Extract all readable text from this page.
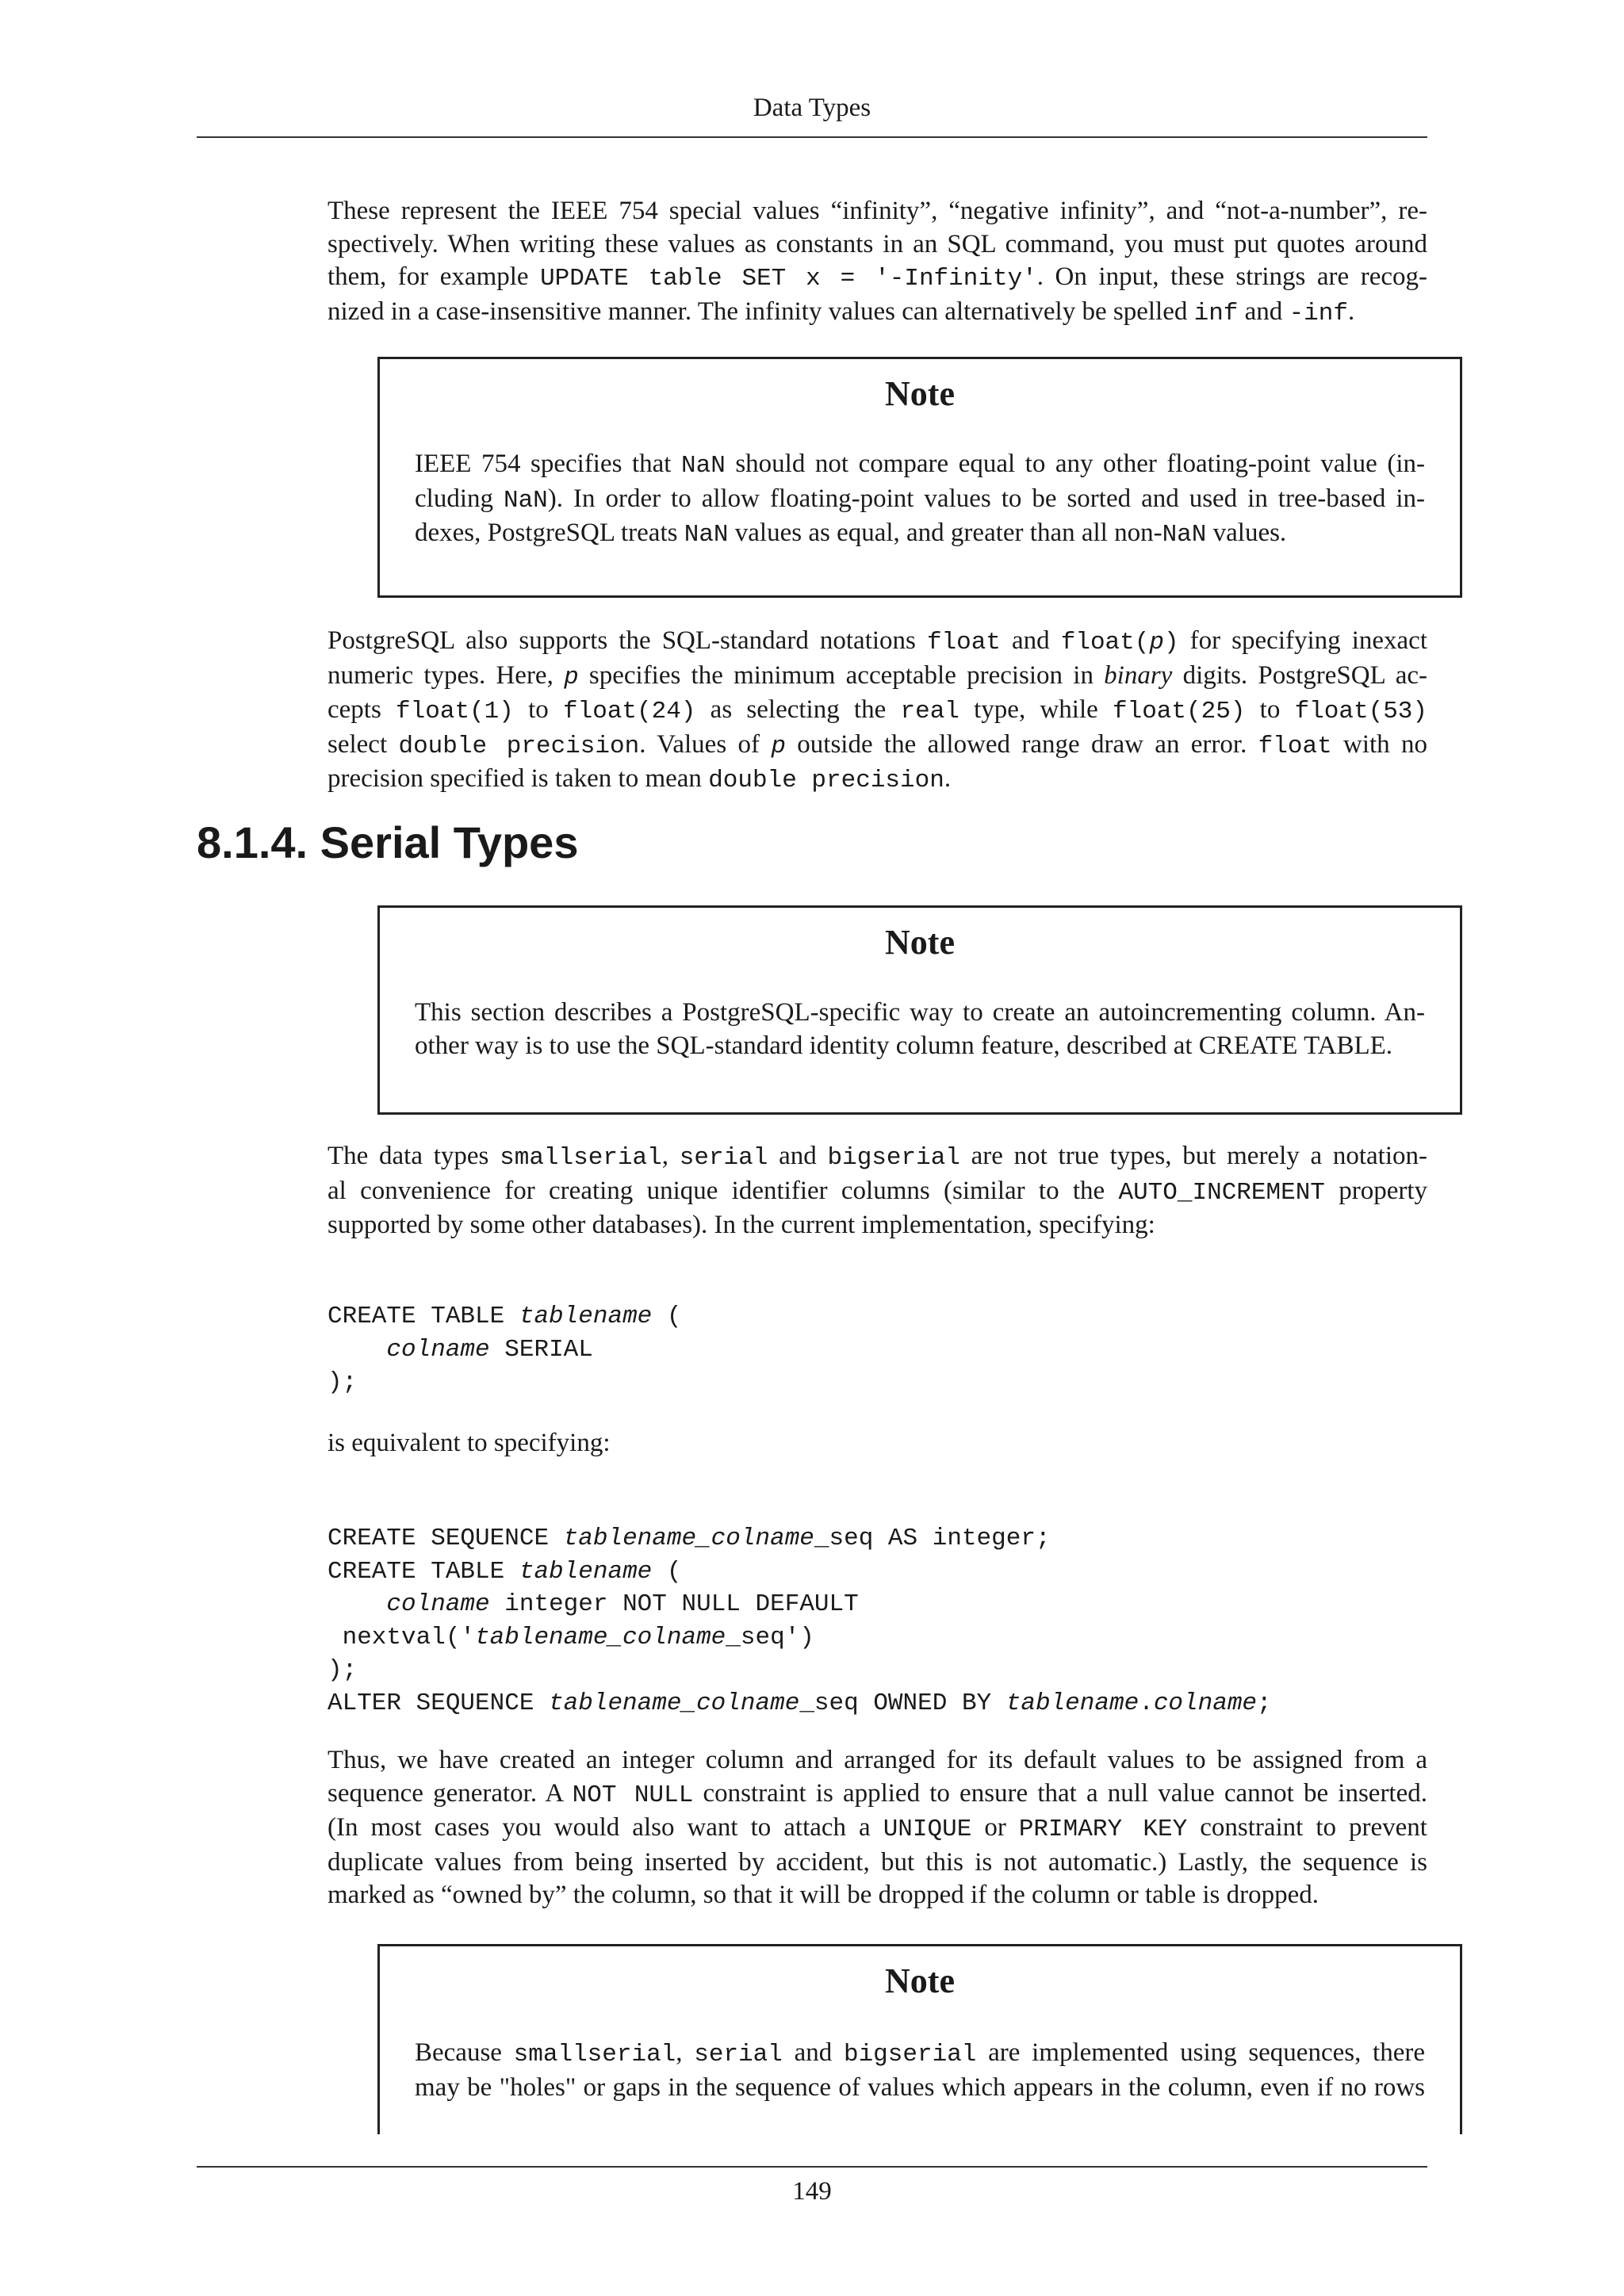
Data Types
These represent the IEEE 754 special values “infinity”, “negative infinity”, and “not-a-number”, re-
spectively. When writing these values as constants in an SQL command, you must put quotes around
them, for example UPDATE table SET x = '-Infinity'. On input, these strings are recog-
nized in a case-insensitive manner. The infinity values can alternatively be spelled inf and -inf.
Note
IEEE 754 specifies that NaN should not compare equal to any other floating-point value (in-
cluding NaN). In order to allow floating-point values to be sorted and used in tree-based in-
dexes, PostgreSQL treats NaN values as equal, and greater than all non-NaN values.
PostgreSQL also supports the SQL-standard notations float and float(p) for specifying inexact
numeric types. Here, p specifies the minimum acceptable precision in binary digits. PostgreSQL ac-
cepts float(1) to float(24) as selecting the real type, while float(25) to float(53)
select double precision. Values of p outside the allowed range draw an error. float with no
precision specified is taken to mean double precision.
8.1.4. Serial Types
Note
This section describes a PostgreSQL-specific way to create an autoincrementing column. An-
other way is to use the SQL-standard identity column feature, described at CREATE TABLE.
The data types smallserial, serial and bigserial are not true types, but merely a notation-
al convenience for creating unique identifier columns (similar to the AUTO_INCREMENT property
supported by some other databases). In the current implementation, specifying:
CREATE TABLE tablename (
colname SERIAL
);
is equivalent to specifying:
CREATE SEQUENCE tablename_colname_seq AS integer;
CREATE TABLE tablename (
colname integer NOT NULL DEFAULT
nextval('tablename_colname_seq')
);
ALTER SEQUENCE tablename_colname_seq OWNED BY tablename.colname;
Thus, we have created an integer column and arranged for its default values to be assigned from a
sequence generator. A NOT NULL constraint is applied to ensure that a null value cannot be inserted.
(In most cases you would also want to attach a UNIQUE or PRIMARY KEY constraint to prevent
duplicate values from being inserted by accident, but this is not automatic.) Lastly, the sequence is
marked as “owned by” the column, so that it will be dropped if the column or table is dropped.
Note
Because smallserial, serial and bigserial are implemented using sequences, there
may be "holes" or gaps in the sequence of values which appears in the column, even if no rows
149
